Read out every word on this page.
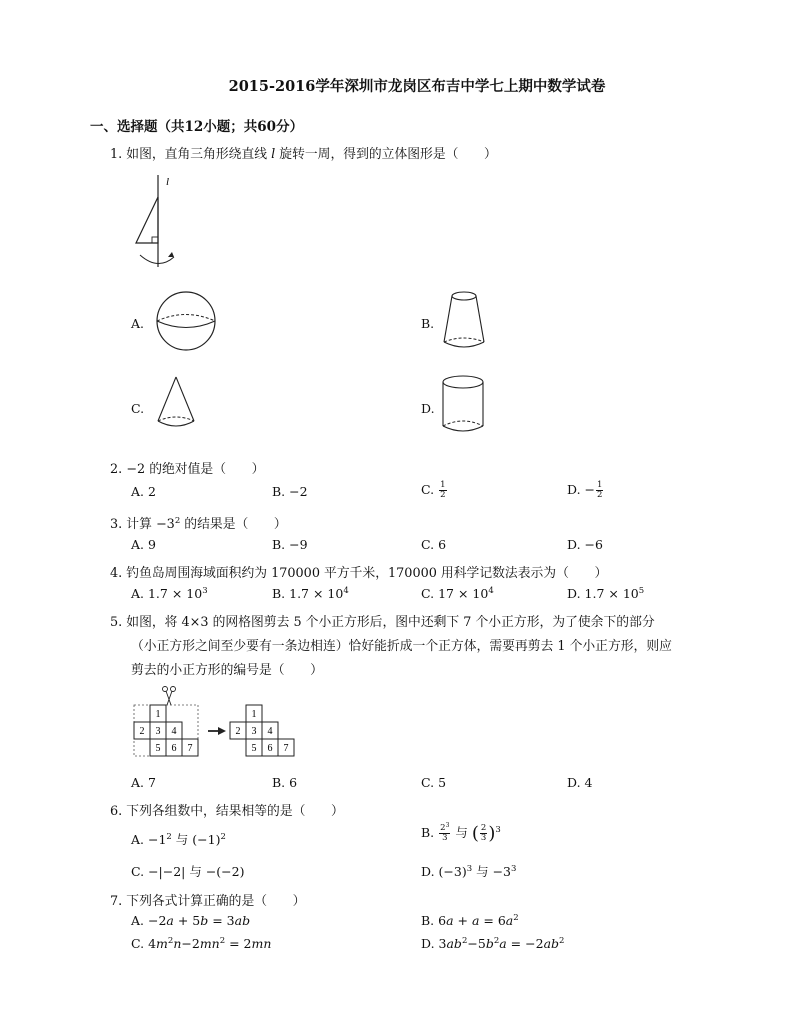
2015-2016学年深圳市龙岗区布吉中学七上期中数学试卷
一、选择题（共12小题；共60分）
1. 如图，直角三角形绕直线 l 旋转一周，得到的立体图形是（　　）
l
A.	B.
C.	D.
2. −2 的绝对值是（　　）
A. 2	B. −2	C. $\frac{1}{2}$	D. − $\frac{1}{2}$
3. 计算 $-3^2$ 的结果是（　　）
A. 9	B. −9	C. 6	D. −6
4. 钓鱼岛周围海域面积约为 170000 平方千米，170000 用科学记数法表示为（　　）
A. $1.7 \times 10^3$	B. $1.7 \times 10^4$	C. $17 \times 10^4$	D. $1.7 \times 10^5$
5. 如图，将 4×3 的网格图剪去 5 个小正方形后，图中还剩下 7 个小正方形，为了使余下的部分
（小正方形之间至少要有一条边相连）恰好能折成一个正方体，需要再剪去 1 个小正方形，则应
剪去的小正方形的编号是（　　）
1
2 3 4
5 6 7
1
2 3 4
5 6 7
A. 7	B. 6	C. 5	D. 4
6. 下列各组数中，结果相等的是（　　）
A. $-1^2$ 与 $(-1)^2$	B. $\frac{2^3}{3}$ 与 ( $\frac{2}{3} )^3$
C. −|−2| 与 −(−2)	D. $(-3)^3$ 与 $-3^3$
7. 下列各式计算正确的是（　　）
A. −2a + 5b = 3ab	B. $6a + a = 6a^2$
C. $4m^2n-2mn^2 = 2mn$	D. $3ab^2-5b^2a = -2ab^2$
